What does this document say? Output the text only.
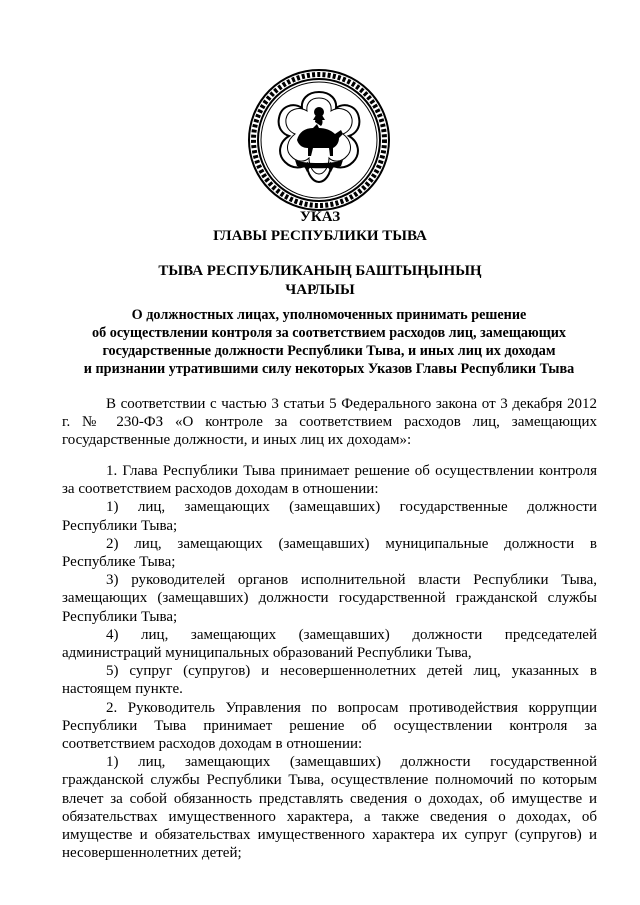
УКАЗ
ГЛАВЫ РЕСПУБЛИКИ ТЫВА
ТЫВА РЕСПУБЛИКАНЫҢ БАШТЫҢЫНЫҢ
ЧАРЛЫЫ
О должностных лицах, уполномоченных принимать решение
об осуществлении контроля за соответствием расходов лиц, замещающих
государственные должности Республики Тыва, и иных лиц их доходам
и признании утратившими силу некоторых Указов Главы Республики Тыва

В соответствии с частью 3 статьи 5 Федерального закона от 3 декабря 2012 г. № 230-ФЗ «О контроле за соответствием расходов лиц, замещающих государственные должности, и иных лиц их доходам»:

1. Глава Республики Тыва принимает решение об осуществлении контроля за соответствием расходов доходам в отношении:

1) лиц, замещающих (замещавших) государственные должности Республики Тыва;

2) лиц, замещающих (замещавших) муниципальные должности в Республике Тыва;

3) руководителей органов исполнительной власти Республики Тыва, замещающих (замещавших) должности государственной гражданской службы Республики Тыва;

4) лиц, замещающих (замещавших) должности председателей администраций муниципальных образований Республики Тыва,

5) супруг (супругов) и несовершеннолетних детей лиц, указанных в настоящем пункте.

2. Руководитель Управления по вопросам противодействия коррупции Республики Тыва принимает решение об осуществлении контроля за соответствием расходов доходам в отношении:

1) лиц, замещающих (замещавших) должности государственной гражданской службы Республики Тыва, осуществление полномочий по которым влечет за собой обязанность представлять сведения о доходах, об имуществе и обязательствах имущественного характера, а также сведения о доходах, об имуществе и обязательствах имущественного характера их супруг (супругов) и несовершеннолетних детей;
